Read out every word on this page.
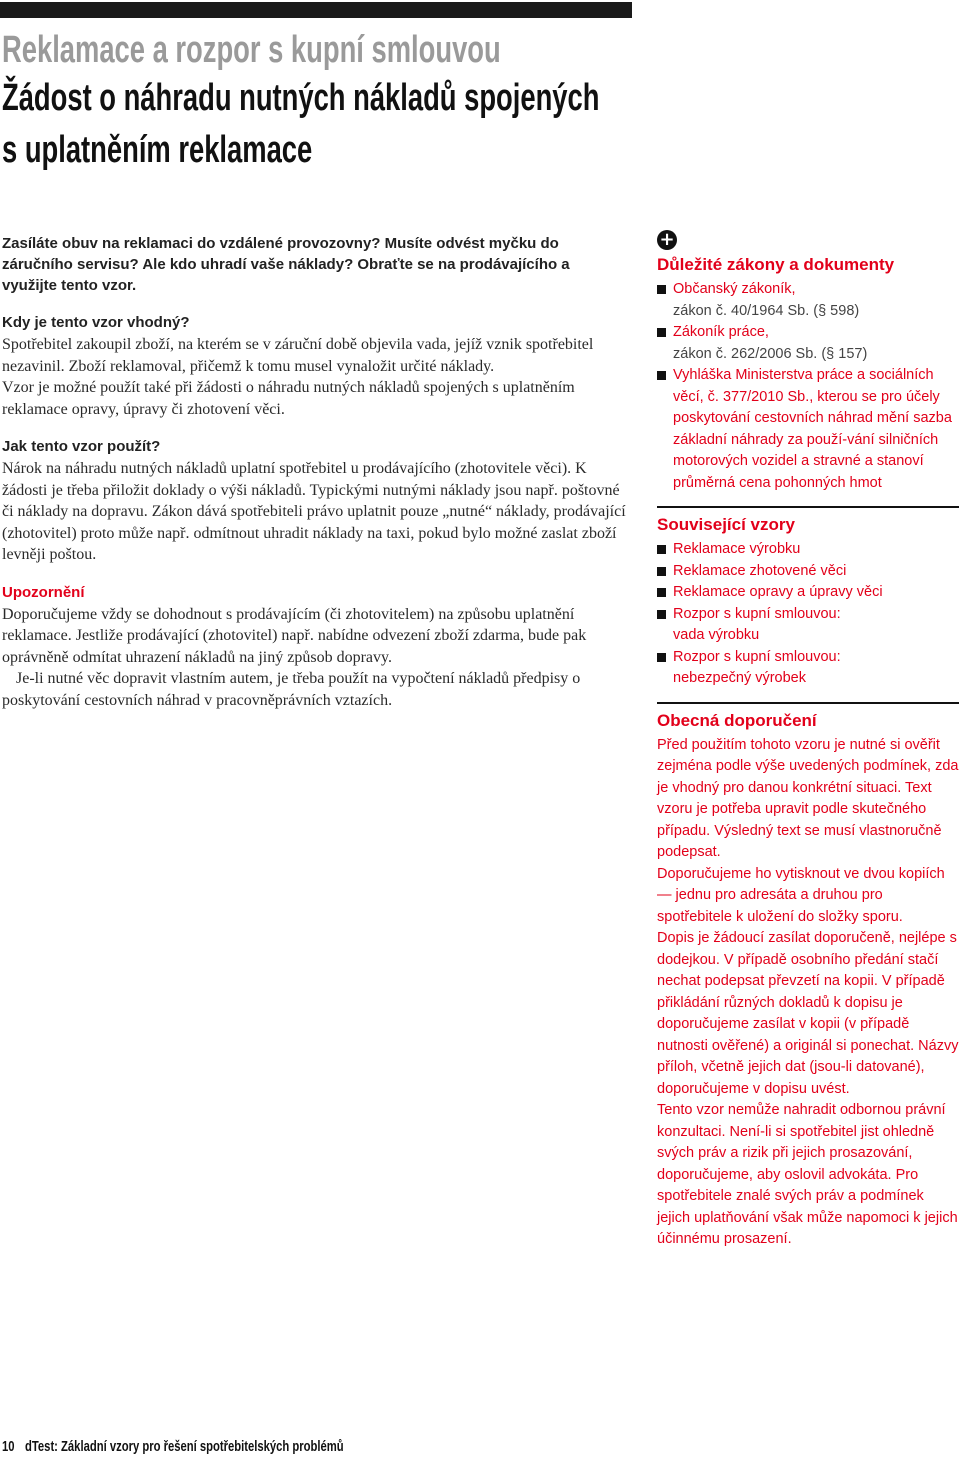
Reklamace a rozpor s kupní smlouvou
Žádost o náhradu nutných nákladů spojených
s uplatněním reklamace

Zasíláte obuv na reklamaci do vzdálené provozovny? Musíte odvést myčku do záručního servisu? Ale kdo uhradí vaše náklady? Obraťte se na prodávajícího a využijte tento vzor.

Kdy je tento vzor vhodný?

Spotřebitel zakoupil zboží, na kterém se v záruční době objevila vada, jejíž vznik spotřebitel nezavinil. Zboží reklamoval, přičemž k tomu musel vynaložit určité náklady.

Vzor je možné použít také při žádosti o náhradu nutných nákladů spojených s uplatněním reklamace opravy, úpravy či zhotovení věci.

Jak tento vzor použít?

Nárok na náhradu nutných nákladů uplatní spotřebitel u prodávajícího (zhotovitele věci). K žádosti je třeba přiložit doklady o výši nákladů. Typickými nutnými náklady jsou např. poštovné či náklady na dopravu. Zákon dává spotřebiteli právo uplatnit pouze „nutné“ náklady, prodávající (zhotovitel) proto může např. odmítnout uhradit náklady na taxi, pokud bylo možné zaslat zboží levněji poštou.

Upozornění

Doporučujeme vždy se dohodnout s prodávajícím (či zhotovitelem) na způsobu uplatnění reklamace. Jestliže prodávající (zhotovitel) např. nabídne odvezení zboží zdarma, bude pak oprávněně odmítat uhrazení nákladů na jiný způsob dopravy.

Je-li nutné věc dopravit vlastním autem, je třeba použít na vypočtení nákladů předpisy o poskytování cestovních náhrad v pracovněprávních vztazích.

+

Důležité zákony a dokumenty

Občanský zákoník,
zákon č. 40/1964 Sb. (§ 598)
Zákoník práce,
zákon č. 262/2006 Sb. (§ 157)
Vyhláška Ministerstva práce a sociálních věcí, č. 377/2010 Sb., kterou se pro účely poskytování cestovních náhrad mění sazba základní náhrady za použí-vání silničních motorových vozidel a stravné a stanoví průměrná cena pohonných hmot

Související vzory

Reklamace výrobku
Reklamace zhotovené věci
Reklamace opravy a úpravy věci
Rozpor s kupní smlouvou:
vada výrobku
Rozpor s kupní smlouvou:
nebezpečný výrobek

Obecná doporučení

Před použitím tohoto vzoru je nutné si ověřit zejména podle výše uvedených podmínek, zda je vhodný pro danou konkrétní situaci. Text vzoru je potřeba upravit podle skutečného případu. Výsledný text se musí vlastnoručně podepsat.

Doporučujeme ho vytisknout ve dvou kopiích — jednu pro adresáta a druhou pro spotřebitele k uložení do složky sporu.

Dopis je žádoucí zasílat doporučeně, nejlépe s dodejkou. V případě osobního předání stačí nechat podepsat převzetí na kopii. V případě přikládání různých dokladů k dopisu je doporučujeme zasílat v kopii (v případě nutnosti ověřené) a originál si ponechat. Názvy příloh, včetně jejich dat (jsou-li datované), doporučujeme v dopisu uvést.

Tento vzor nemůže nahradit odbornou právní konzultaci. Není-li si spotřebitel jist ohledně svých práv a rizik při jejich prosazování, doporučujeme, aby oslovil advokáta. Pro spotřebitele znalé svých práv a podmínek jejich uplatňování však může napomoci k jejich účinnému prosazení.

10 dTest: Základní vzory pro řešení spotřebitelských problémů
